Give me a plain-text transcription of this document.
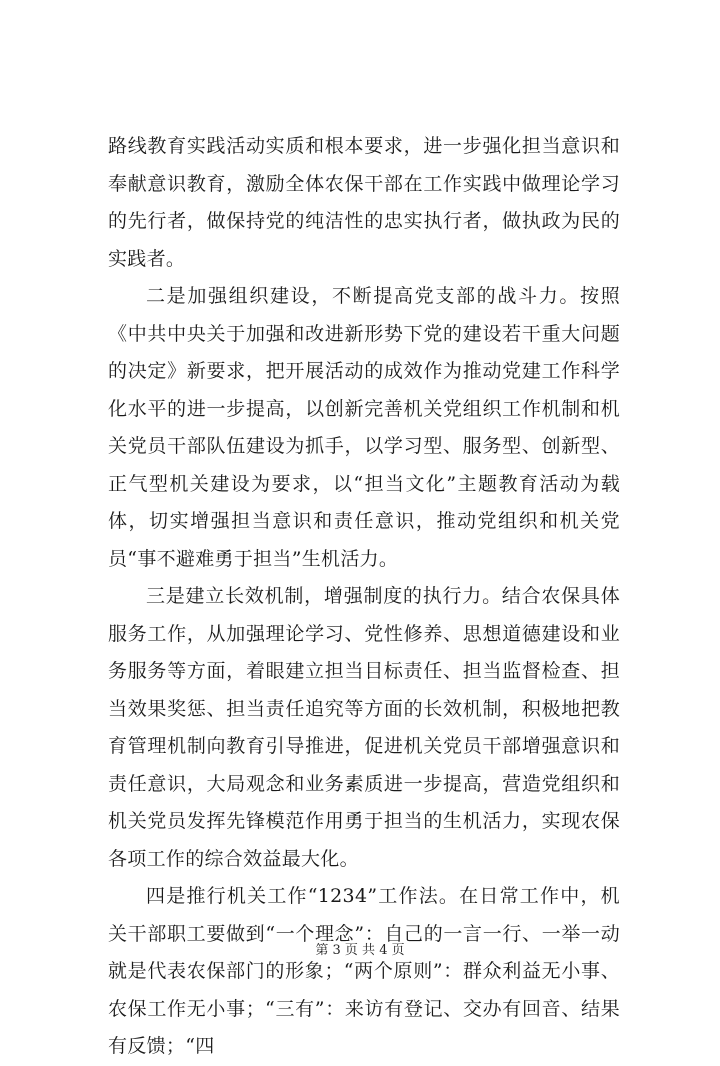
路线教育实践活动实质和根本要求，进一步强化担当意识和奉献意识教育，激励全体农保干部在工作实践中做理论学习的先行者，做保持党的纯洁性的忠实执行者，做执政为民的实践者。

二是加强组织建设，不断提高党支部的战斗力。按照《中共中央关于加强和改进新形势下党的建设若干重大问题的决定》新要求，把开展活动的成效作为推动党建工作科学化水平的进一步提高，以创新完善机关党组织工作机制和机关党员干部队伍建设为抓手，以学习型、服务型、创新型、正气型机关建设为要求，以“担当文化”主题教育活动为载体，切实增强担当意识和责任意识，推动党组织和机关党员“事不避难勇于担当”生机活力。

三是建立长效机制，增强制度的执行力。结合农保具体服务工作，从加强理论学习、党性修养、思想道德建设和业务服务等方面，着眼建立担当目标责任、担当监督检查、担当效果奖惩、担当责任追究等方面的长效机制，积极地把教育管理机制向教育引导推进，促进机关党员干部增强意识和责任意识，大局观念和业务素质进一步提高，营造党组织和机关党员发挥先锋模范作用勇于担当的生机活力，实现农保各项工作的综合效益最大化。

四是推行机关工作“1234”工作法。在日常工作中，机关干部职工要做到“一个理念”：自己的一言一行、一举一动就是代表农保部门的形象；“两个原则”：群众利益无小事、农保工作无小事；“三有”：来访有登记、交办有回音、结果有反馈；“四

第 3 页 共 4 页
